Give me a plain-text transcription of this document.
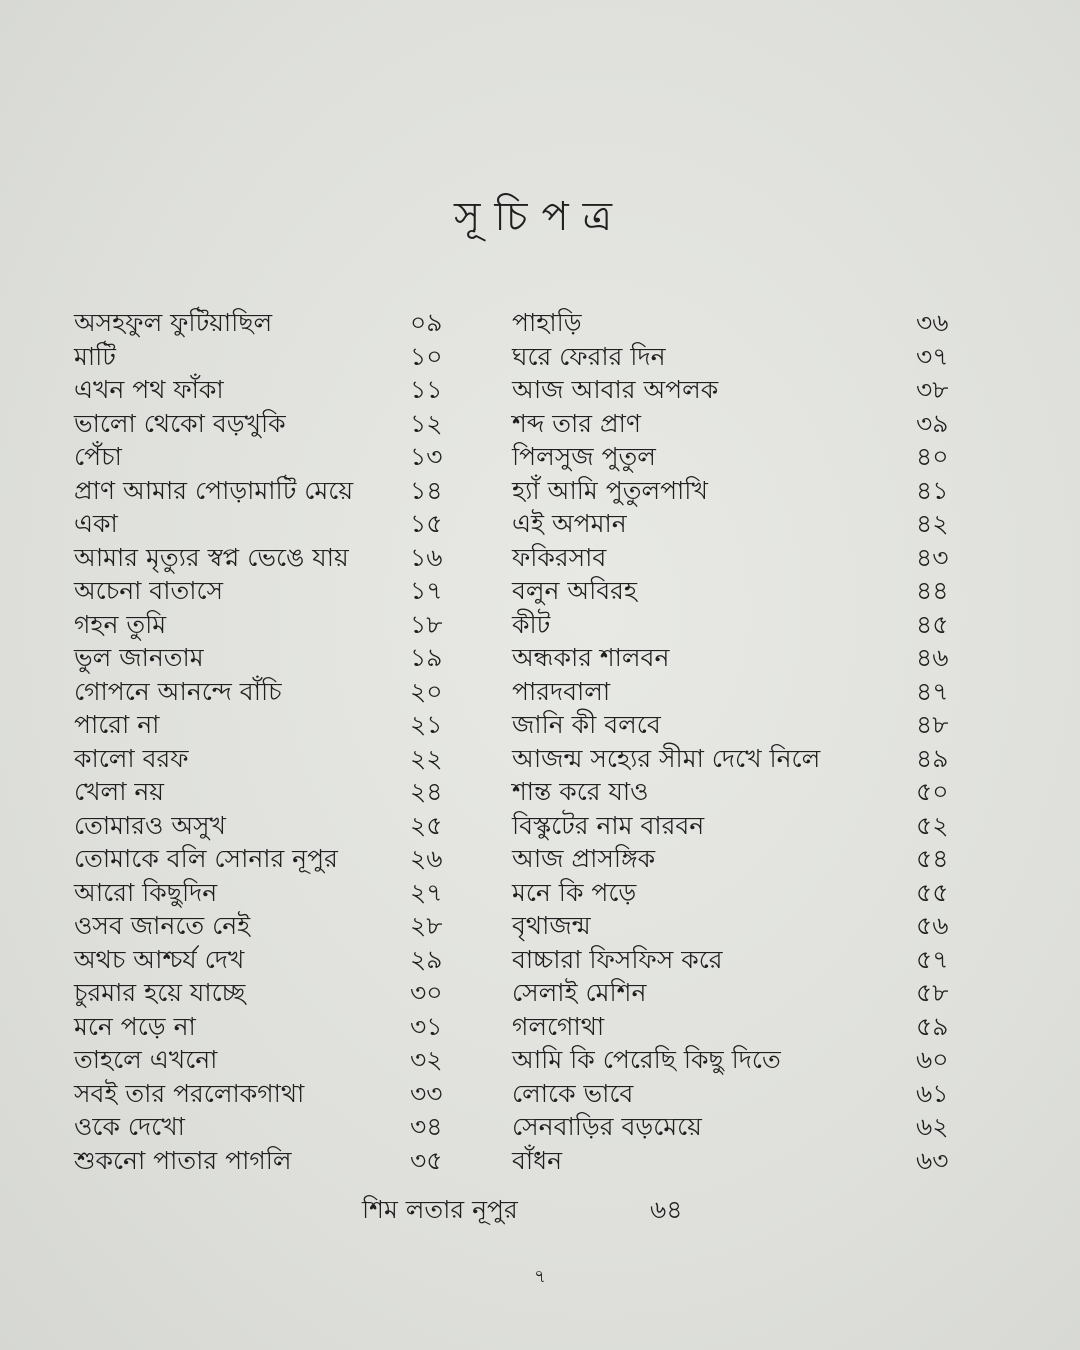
সূচিপত্র
অসহফুল ফুটিয়াছিল	০৯
মাটি	১০
এখন পথ ফাঁকা	১১
ভালো থেকো বড়খুকি	১২
পেঁচা	১৩
প্রাণ আমার পোড়ামাটি মেয়ে ১৪
একা	১৫
আমার মৃত্যুর স্বপ্ন ভেঙে যায় ১৬
অচেনা বাতাসে	১৭
গহন তুমি	১৮
ভুল জানতাম	১৯
গোপনে আনন্দে বাঁচি	২০
পারো না	২১
কালো বরফ	২২
খেলা নয়	২৪
তোমারও অসুখ	২৫
তোমাকে বলি সোনার নূপুর	২৬
আরো কিছুদিন	২৭
ওসব জানতে নেই	২৮
অথচ আশ্চর্য দেখ	২৯
চুরমার হয়ে যাচ্ছে	৩০
মনে পড়ে না	৩১
তাহলে এখনো	৩২
সবই তার পরলোকগাথা	৩৩
ওকে দেখো	৩৪
শুকনো পাতার পাগলি	৩৫
পাহাড়ি	৩৬
ঘরে ফেরার দিন	৩৭
আজ আবার অপলক	৩৮
শব্দ তার প্রাণ	৩৯
পিলসুজ পুতুল	৪০
হ্যাঁ আমি পুতুলপাখি	৪১
এই অপমান	৪২
ফকিরসাব	৪৩
বলুন অবিরহ	৪৪
কীট	৪৫
অন্ধকার শালবন	৪৬
পারদবালা	৪৭
জানি কী বলবে	৪৮
আজন্ম সহ্যের সীমা দেখে নিলে	৪৯
শান্ত করে যাও	৫০
বিস্কুটের নাম বারবন	৫২
আজ প্রাসঙ্গিক	৫৪
মনে কি পড়ে	৫৫
বৃথাজন্ম	৫৬
বাচ্চারা ফিসফিস করে	৫৭
সেলাই মেশিন	৫৮
গলগোথা	৫৯
আমি কি পেরেছি কিছু দিতে	৬০
লোকে ভাবে	৬১
সেনবাড়ির বড়মেয়ে	৬২
বাঁধন	৬৩
শিম লতার নূপুর	৬৪
৭
